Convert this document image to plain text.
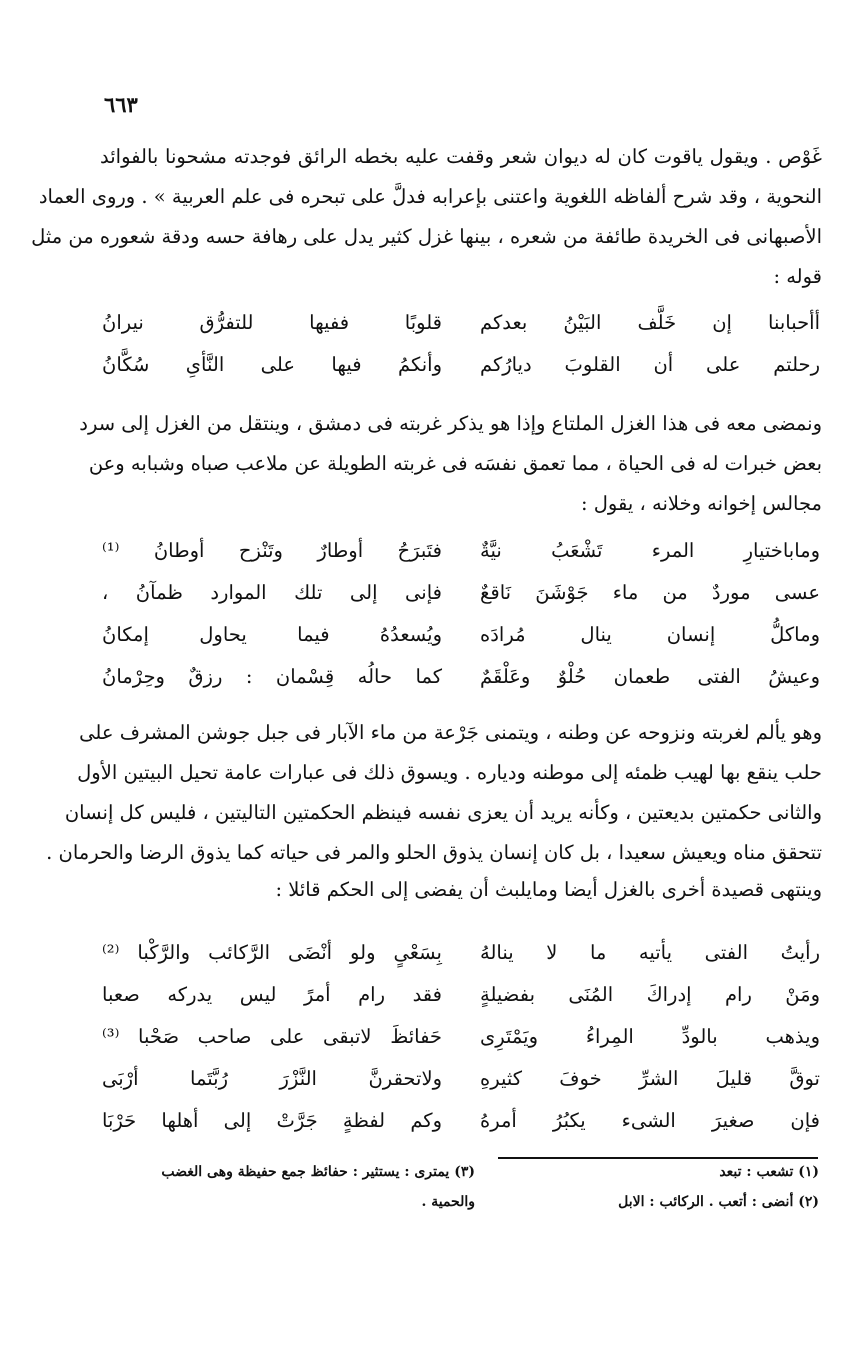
٦٦٣
غَوْص . ويقول ياقوت كان له ديوان شعر وقفت عليه بخطه الرائق فوجدته مشحونا بالفوائد
النحوية ، وقد شرح ألفاظه اللغوية واعتنى بإعرابه فدلَّ على تبحره فى علم العربية » . وروى العماد
الأصبهانى فى الخريدة طائفة من شعره ، بينها غزل كثير يدل على رهافة حسه ودقة شعوره من مثل
قوله :
أأحبابنا إن خَلَّف البَيْنُ بعدكم
قلوبًا ففيها للتفرُّق نيرانُ
رحلتم على أن القلوبَ ديارُكم
وأنكمُ فيها على النَّأىِ سُكَّانُ
ونمضى معه فى هذا الغزل الملتاع وإذا هو يذكر غربته فى دمشق ، وينتقل من الغزل إلى سرد
بعض خبرات له فى الحياة ، مما تعمق نفسَه فى غربته الطويلة عن ملاعب صباه وشبابه وعن
مجالس إخوانه وخلانه ، يقول :
وماباختيارِ المرء تَشْعَبُ نيَّةٌ
فتَبرَحُ أوطارٌ وتَنْزح أوطانُ ⁽¹⁾
عسى موردٌ من ماء جَوْشَنَ نَاقعٌ
فإنى إلى تلك الموارد ظمآنُ ،
وماكلُّ إنسان ينال مُرادَه
ويُسعدُهُ فيما يحاول إمكانُ
وعيشُ الفتى طعمان حُلْوٌ وعَلْقَمٌ
كما حالُه قِسْمان : رزقٌ وحِرْمانُ
وهو يألم لغربته ونزوحه عن وطنه ، ويتمنى جَرْعة من ماء الآبار فى جبل جوشن المشرف على
حلب ينقع بها لهيب ظمئه إلى موطنه ودياره . ويسوق ذلك فى عبارات عامة تحيل البيتين الأول
والثانى حكمتين بديعتين ، وكأنه يريد أن يعزى نفسه فينظم الحكمتين التاليتين ، فليس كل إنسان
تتحقق مناه ويعيش سعيدا ، بل كان إنسان يذوق الحلو والمر فى حياته كما يذوق الرضا والحرمان .
وينتهى قصيدة أخرى بالغزل أيضا ومايلبث أن يفضى إلى الحكم قائلا :
رأيتُ الفتى يأتيه ما لا ينالهُ
بِسَعْىٍ ولو أنْضَى الرَّكائب والرَّكْبا ⁽²⁾
ومَنْ رام إدراكَ المُنَى بفضيلةٍ
فقد رام أمرً ليس يدركه صعبا
ويذهب بالودِّ المِراءُ ويَمْتَرِى
حَفائظَ لاتبقى على صاحب صَحْبا ⁽³⁾
توقَّ قليلَ الشرِّ خوفَ كثيرهِ
ولاتحقرنَّ النَّزْرَ رُبَّتَما أرْبَى
فإن صغيرَ الشىء يكبُرُ أمرهُ
وكم لفظةٍ جَرَّتْ إلى أهلها حَرْبَا
(١) تشعب : تبعد
(٢) أنضى : أتعب . الركائب : الابل
(٣) يمترى : يستثير : حفائظ جمع حفيظة وهى الغضب
والحمية .
